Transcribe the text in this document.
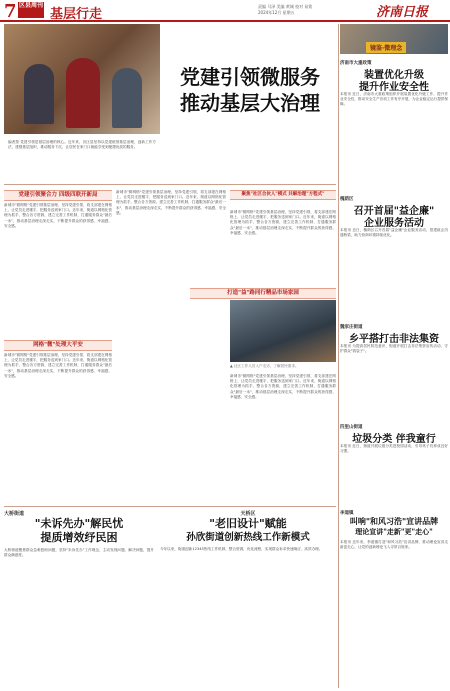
7 区县周刊
基层行走
责编 马泽 美编 黄城 校对 易铭
2024年12月 星期五	济南日报
编者按 党建引领是基层治理的核心。近年来，各区县坚持以党建统领基层治理，创新工作方法，建强基层组织，推动服务下沉，让居民在家门口就能享受到便捷优质的服务。
党建引领微服务
推动基层大治理
党建引领聚合力 四级四联开新局
新城市"微网格"党建引领基层治理，坚持党建引领，将支部建在网格上，让党员走进楼宇，把服务送到家门口。近年来，街道以网格化管理为抓手，整合各方资源，建立完善工作机制，打通服务群众"最后一米"，推动基层治理走深走实，不断提升群众的获得感、幸福感、安全感。
网格"微"处理大平安
新城市"微网格"党建引领基层治理，坚持党建引领，将支部建在网格上，让党员走进楼宇，把服务送到家门口。近年来，街道以网格化管理为抓手，整合各方资源，建立完善工作机制，打通服务群众"最后一米"，推动基层治理走深走实，不断提升群众的获得感、幸福感、安全感。
新城市"微网格"党建引领基层治理，坚持党建引领，将支部建在网格上，让党员走进楼宇，把服务送到家门口。近年来，街道以网格化管理为抓手，整合各方资源，建立完善工作机制，打通服务群众"最后一米"，推动基层治理走深走实，不断提升群众的获得感、幸福感、安全感。
聚焦"社区合伙人"模式 共解治理"方程式"
新城市"微网格"党建引领基层治理，坚持党建引领，将支部建在网格上，让党员走进楼宇，把服务送到家门口。近年来，街道以网格化管理为抓手，整合各方资源，建立完善工作机制，打通服务群众"最后一米"，推动基层治理走深走实，不断提升群众的获得感、幸福感、安全感。
打造"益"路同行精品市场家园
▲ 社区工作人员入户走访，了解居民需求。
新城市"微网格"党建引领基层治理，坚持党建引领，将支部建在网格上，让党员走进楼宇，把服务送到家门口。近年来，街道以网格化管理为抓手，整合各方资源，建立完善工作机制，打通服务群众"最后一米"，推动基层治理走深走实，不断提升群众的获得感、幸福感、安全感。
大桥街道
"未诉先办"解民忧
提质增效纾民困
大桥街道聚焦群众急难愁盼问题，坚持"未诉先办"工作理念，主动发现问题、解决问题，提升群众满意度。
天桥区
"老旧设计"赋能
孙欣街道创新热线工作新模式
今年以来，街道创新12345热线工作机制，整合资源，优化流程，实现群众诉求快速响应、高效办理。
镜鉴·微理念
济南市大重政策
装置优化升级
提升作业安全性
本报讯 近日，济南市大重政策组织开展装置优化升级工作，提升作业安全性，推动安全生产各项工作有序开展，为企业稳定运行提供保障。
槐荫区
召开首届"益企廉"
企业服务活动
本报讯 近日，槐荫区召开首届"益企廉"企业服务活动，搭建政企沟通桥梁，助力营商环境持续优化。
魏家庄街道
乡平搭打击非法集资
本报讯 为提高居民防范意识，街道开展打击非法集资宣传活动，守护群众"钱袋子"。
四里山街道
垃圾分类 伴我童行
本报讯 近日，街道开展垃圾分类进校园活动，引导孩子们养成良好习惯。
李道镇
叫响"和风习浩"宣讲品牌
理论宣讲"走新"更"走心"
本报讯 近年来，李道镇打造"和风习浩"宣讲品牌，推动理论宣讲走新更走心，让党的创新理论飞入寻常百姓家。
